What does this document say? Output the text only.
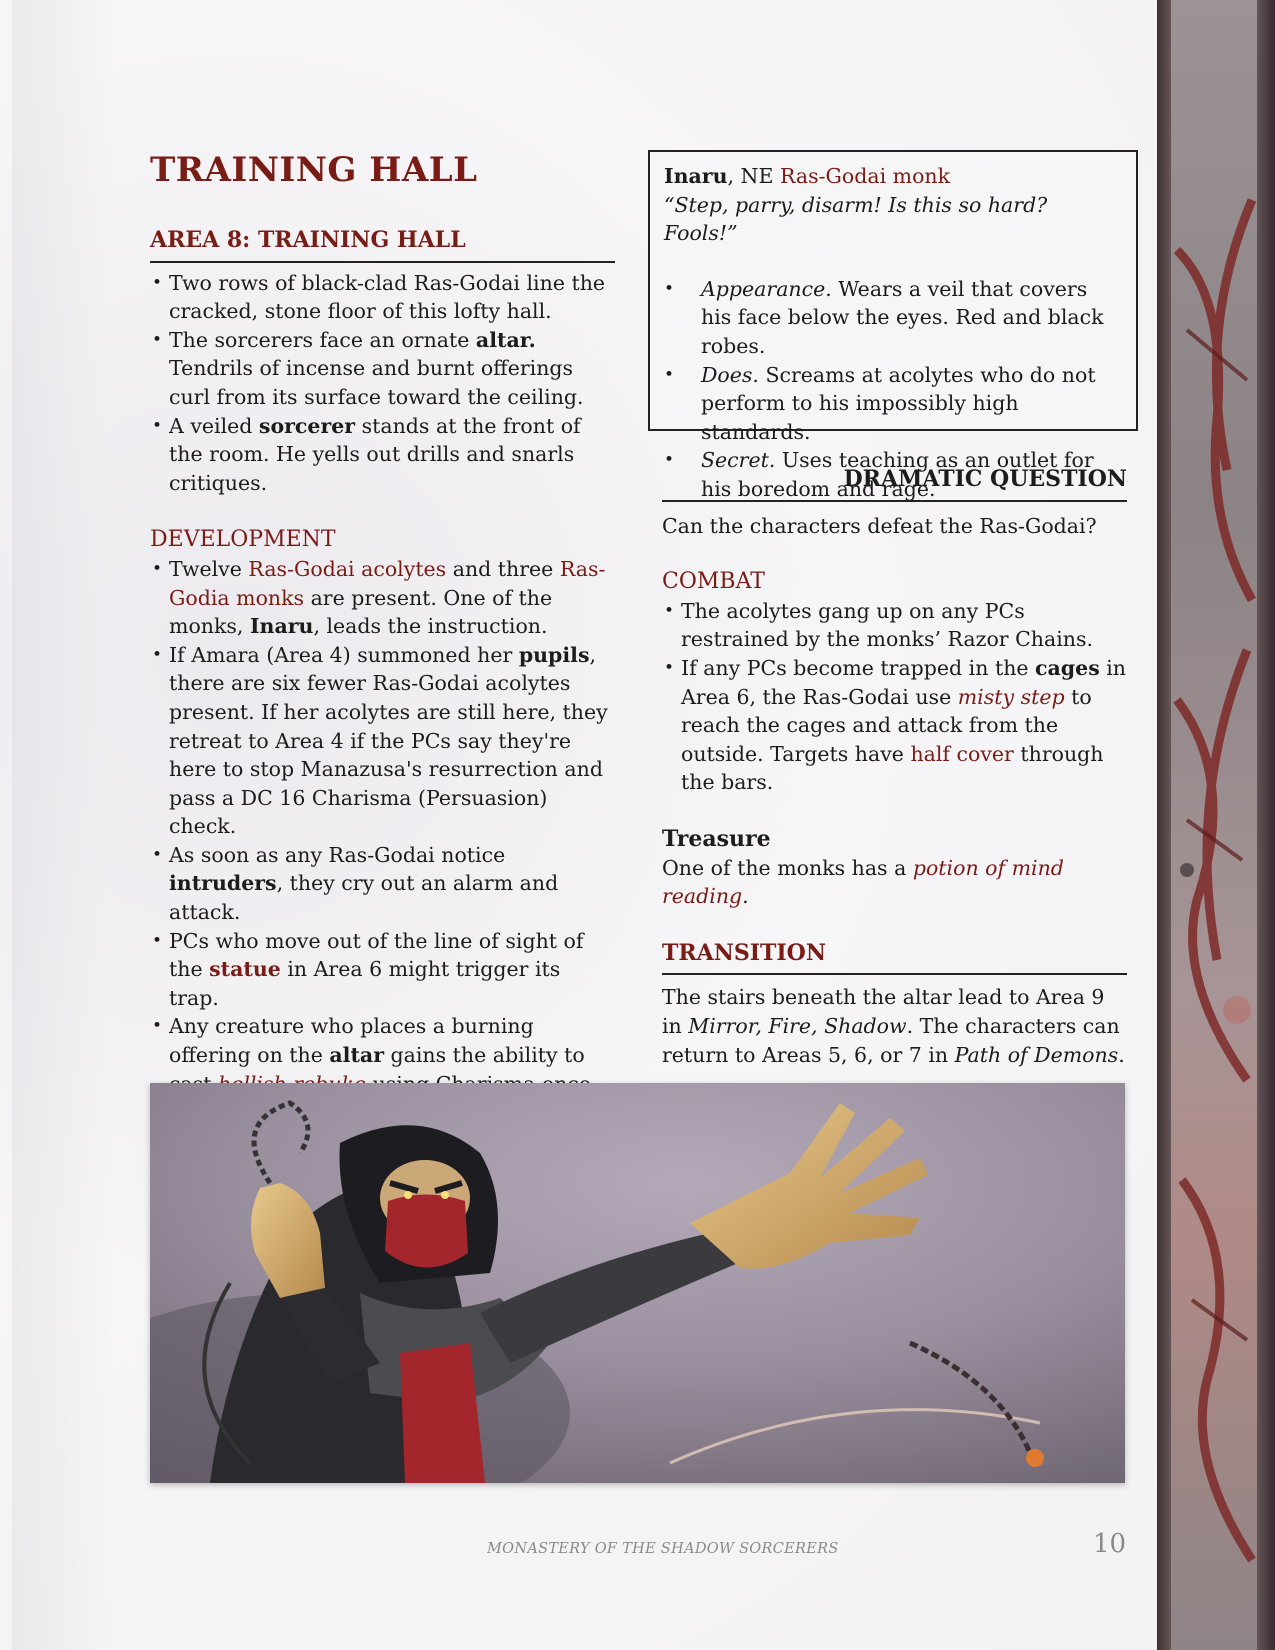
TRAINING HALL
AREA 8: TRAINING HALL
• Two rows of black-clad Ras-Godai line the cracked, stone floor of this lofty hall.
• The sorcerers face an ornate altar. Tendrils of incense and burnt offerings curl from its surface toward the ceiling.
• A veiled sorcerer stands at the front of the room. He yells out drills and snarls critiques.
DEVELOPMENT
• Twelve Ras-Godai acolytes and three Ras-Godia monks are present. One of the monks, Inaru, leads the instruction.
• If Amara (Area 4) summoned her pupils, there are six fewer Ras-Godai acolytes present. If her acolytes are still here, they retreat to Area 4 if the PCs say they're here to stop Manazusa's resurrection and pass a DC 16 Charisma (Persuasion) check.
• As soon as any Ras-Godai notice intruders, they cry out an alarm and attack.
• PCs who move out of the line of sight of the statue in Area 6 might trigger its trap.
• Any creature who places a burning offering on the altar gains the ability to
Inaru, NE Ras-Godai monk
“Step, parry, disarm! Is this so hard? Fools!”
• Appearance. Wears a veil that covers his face below the eyes. Red and black robes.
• Does. Screams at acolytes who do not perform to his impossibly high standards.
• Secret. Uses teaching as an outlet for his boredom and rage.
DRAMATIC QUESTION
Can the characters defeat the Ras-Godai?
COMBAT
• The acolytes gang up on any PCs restrained by the monks’ Razor Chains.
• If any PCs become trapped in the cages in Area 6, the Ras-Godai use misty step to reach the cages and attack from the outside. Targets have half cover through the bars.
Treasure
One of the monks has a potion of mind reading.
TRANSITION
The stairs beneath the altar lead to Area 9 in Mirror, Fire, Shadow. The characters can return to Areas 5, 6, or 7 in Path of Demons.
MONASTERY OF THE SHADOW SORCERERS	10
